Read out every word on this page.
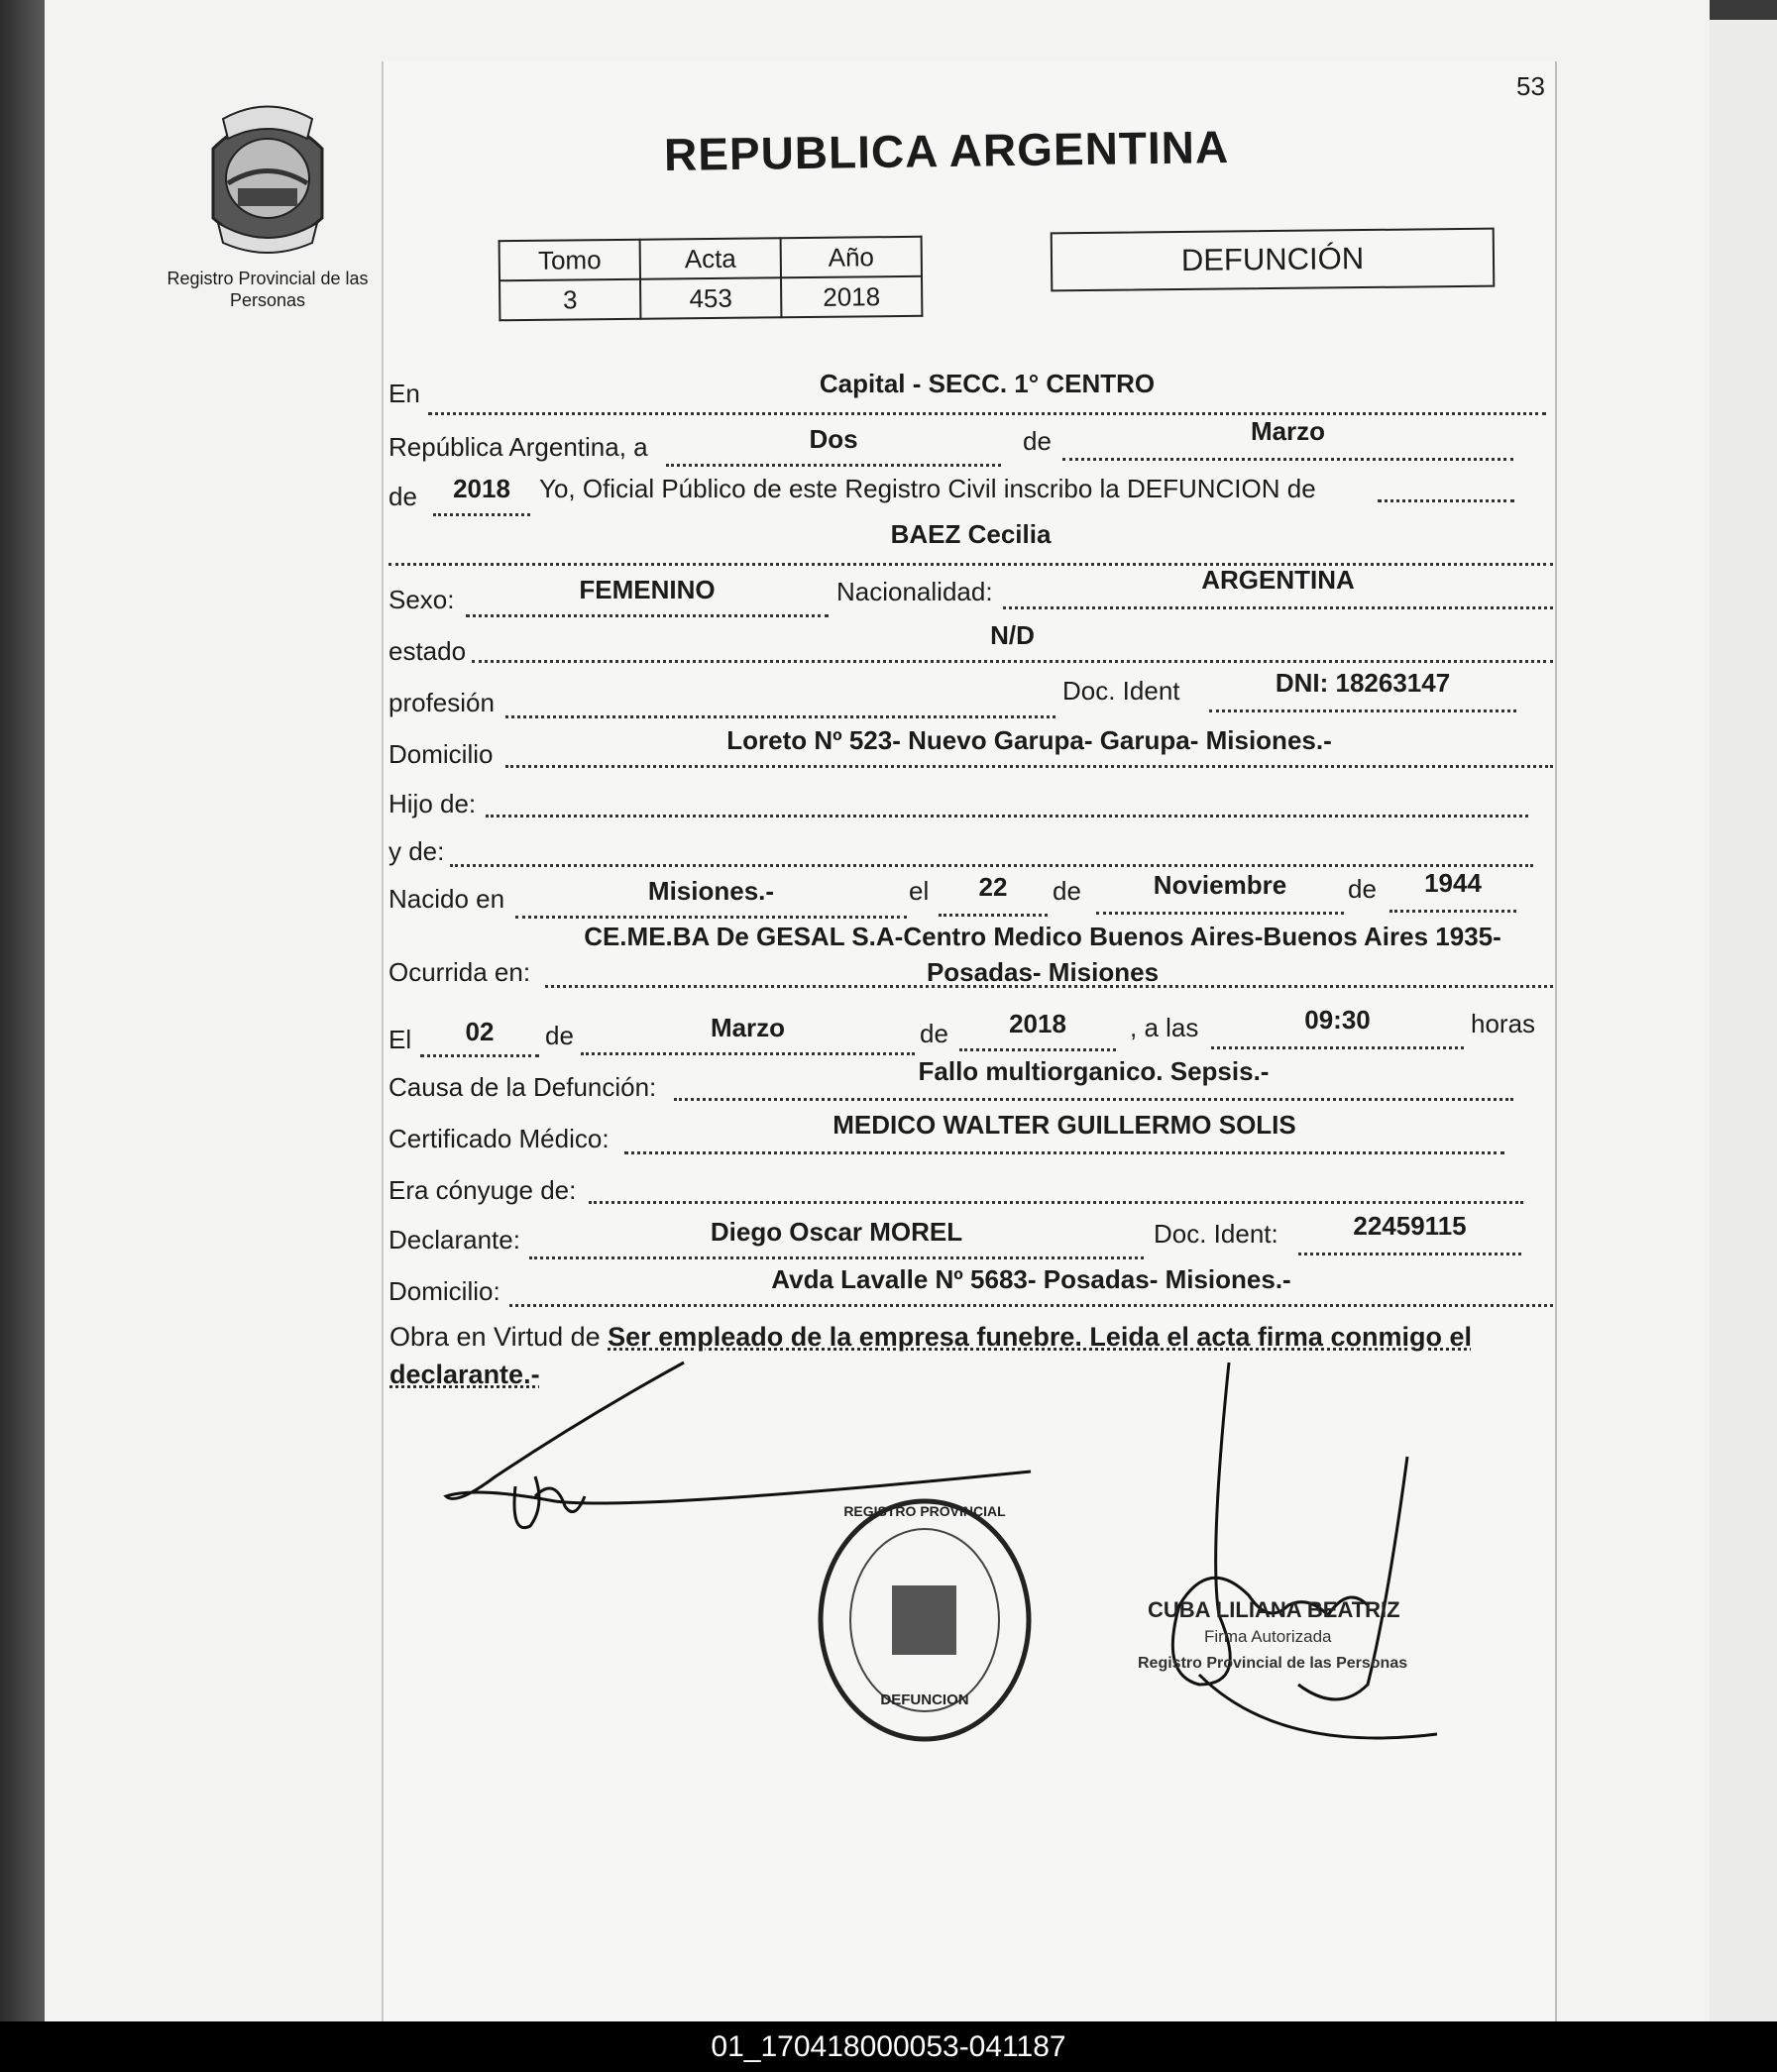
53
Registro Provincial de las Personas
REPUBLICA ARGENTINA
Tomo	Acta	Año
3	453	2018
DEFUNCIÓN
En	Capital - SECC. 1° CENTRO
República Argentina, a	Dos	de	Marzo
de	2018	Yo, Oficial Público de este Registro Civil inscribo la DEFUNCION de
BAEZ Cecilia
Sexo:	FEMENINO	Nacionalidad:	ARGENTINA
estado
N/D
profesión	Doc. Ident	DNI: 18263147
Domicilio	Loreto Nº 523- Nuevo Garupa- Garupa- Misiones.-
Hijo de:
y de:
Nacido en	Misiones.-	el	22	de	Noviembre	de	1944
Ocurrida en:
CE.ME.BA De GESAL S.A-Centro Medico Buenos Aires-Buenos Aires 1935-
Posadas- Misiones
El	02	de	Marzo	de	2018	, a las	09:30	horas
Causa de la Defunción:
Fallo multiorganico. Sepsis.-
Certificado Médico:	MEDICO WALTER GUILLERMO SOLIS
Era cónyuge de:
Declarante:	Diego Oscar MOREL	Doc. Ident:	22459115
Domicilio:	Avda Lavalle Nº 5683- Posadas- Misiones.-
Obra en Virtud de Ser empleado de la empresa funebre. Leida el acta firma conmigo el
declarante.-
REGISTRO PROVINCIAL
DEFUNCION
CUBA LILIANA BEATRIZ
Firma Autorizada
Registro Provincial de las Personas
01_170418000053-041187
